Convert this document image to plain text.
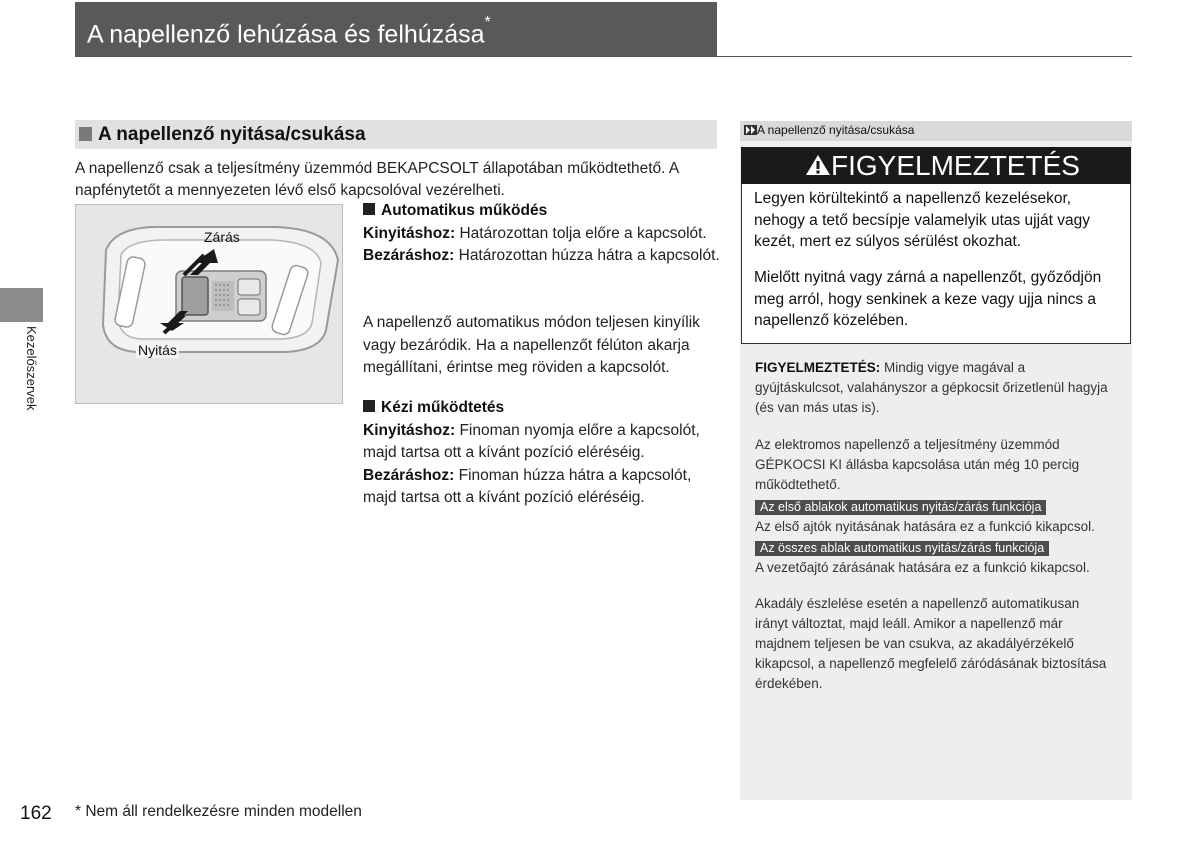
A napellenző lehúzása és felhúzása*
Kezelőszervek
A napellenző nyitása/csukása
A napellenző csak a teljesítmény üzemmód BEKAPCSOLT állapotában működtethető. A napfénytetőt a mennyezeten lévő első kapcsolóval vezérelheti.
Zárás
Nyitás
Automatikus működés
Kinyitáshoz: Határozottan tolja előre a kapcsolót.
Bezáráshoz: Határozottan húzza hátra a kapcsolót.
A napellenző automatikus módon teljesen kinyílik vagy bezáródik. Ha a napellenzőt félúton akarja megállítani, érintse meg röviden a kapcsolót.
Kézi működtetés
Kinyitáshoz: Finoman nyomja előre a kapcsolót, majd tartsa ott a kívánt pozíció eléréséig.
Bezáráshoz: Finoman húzza hátra a kapcsolót, majd tartsa ott a kívánt pozíció eléréséig.
A napellenző nyitása/csukása
FIGYELMEZTETÉS
Legyen körültekintő a napellenző kezelésekor, nehogy a tető becsípje valamelyik utas ujját vagy kezét, mert ez súlyos sérülést okozhat.
Mielőtt nyitná vagy zárná a napellenzőt, győződjön meg arról, hogy senkinek a keze vagy ujja nincs a napellenző közelében.
FIGYELMEZTETÉS: Mindig vigye magával a gyújtáskulcsot, valahányszor a gépkocsit őrizetlenül hagyja (és van más utas is).
Az elektromos napellenző a teljesítmény üzemmód GÉPKOCSI KI állásba kapcsolása után még 10 percig működtethető.
Az első ablakok automatikus nyitás/zárás funkciója
Az első ajtók nyitásának hatására ez a funkció kikapcsol.
Az összes ablak automatikus nyitás/zárás funkciója
A vezetőajtó zárásának hatására ez a funkció kikapcsol.
Akadály észlelése esetén a napellenző automatikusan irányt változtat, majd leáll. Amikor a napellenző már majdnem teljesen be van csukva, az akadályérzékelő kikapcsol, a napellenző megfelelő záródásának biztosítása érdekében.
162 * Nem áll rendelkezésre minden modellen
